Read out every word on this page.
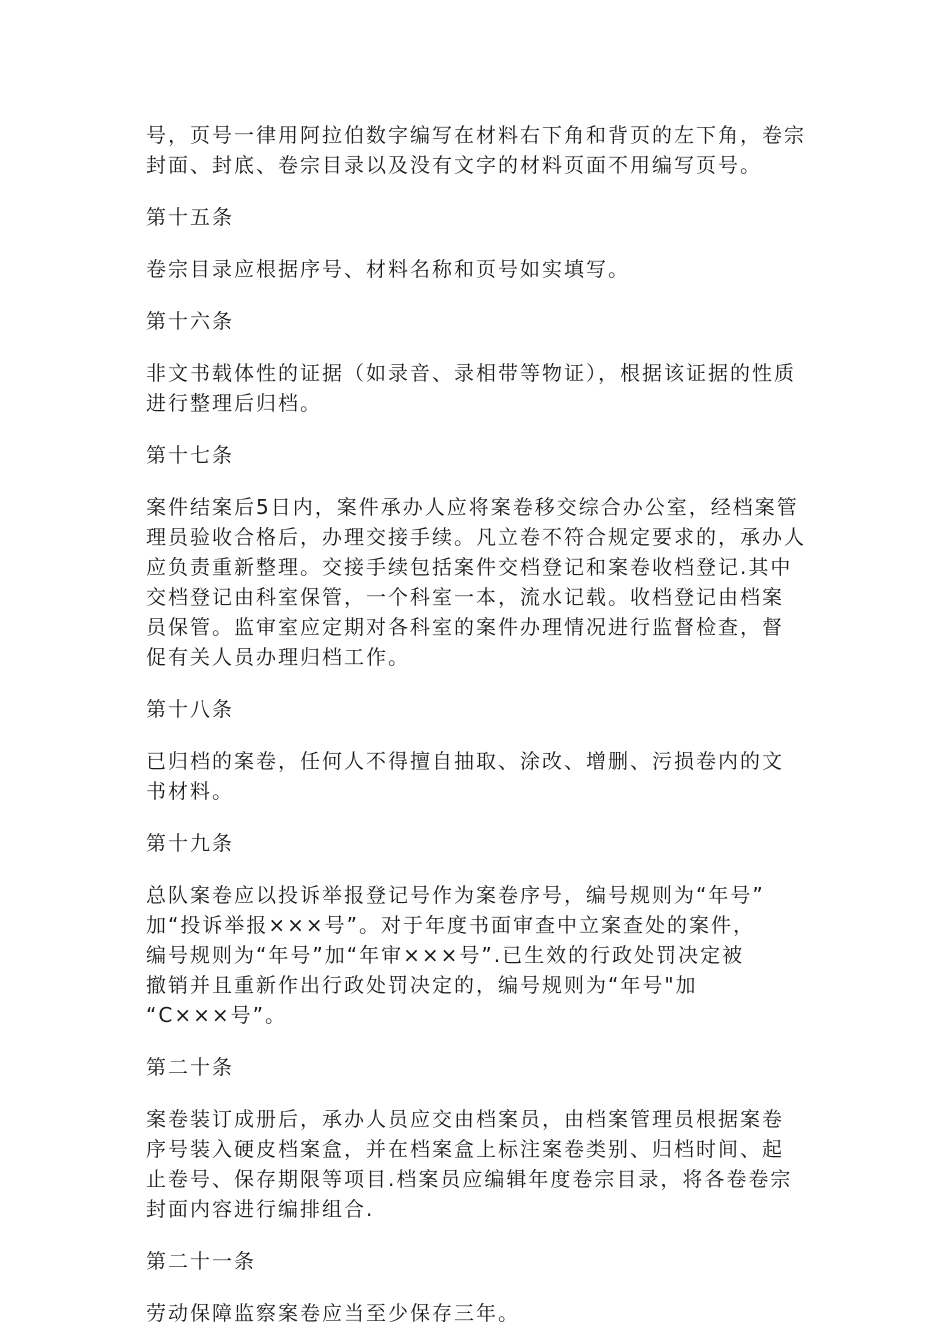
号，页号一律用阿拉伯数字编写在材料右下角和背页的左下角，卷宗
封面、封底、卷宗目录以及没有文字的材料页面不用编写页号。

第十五条

卷宗目录应根据序号、材料名称和页号如实填写。

第十六条

非文书载体性的证据（如录音、录相带等物证），根据该证据的性质
进行整理后归档。

第十七条

案件结案后5日内，案件承办人应将案卷移交综合办公室，经档案管
理员验收合格后，办理交接手续。凡立卷不符合规定要求的，承办人
应负责重新整理。交接手续包括案件交档登记和案卷收档登记.其中
交档登记由科室保管，一个科室一本，流水记载。收档登记由档案
员保管。监审室应定期对各科室的案件办理情况进行监督检查，督
促有关人员办理归档工作。

第十八条

已归档的案卷，任何人不得擅自抽取、涂改、增删、污损卷内的文
书材料。

第十九条

总队案卷应以投诉举报登记号作为案卷序号，编号规则为“年号”
加“投诉举报×××号”。对于年度书面审查中立案查处的案件，
编号规则为“年号”加“年审×××号”.已生效的行政处罚决定被
撤销并且重新作出行政处罚决定的，编号规则为“年号"加
“C×××号”。

第二十条

案卷装订成册后，承办人员应交由档案员，由档案管理员根据案卷
序号装入硬皮档案盒，并在档案盒上标注案卷类别、归档时间、起
止卷号、保存期限等项目.档案员应编辑年度卷宗目录，将各卷卷宗
封面内容进行编排组合.

第二十一条

劳动保障监察案卷应当至少保存三年。
